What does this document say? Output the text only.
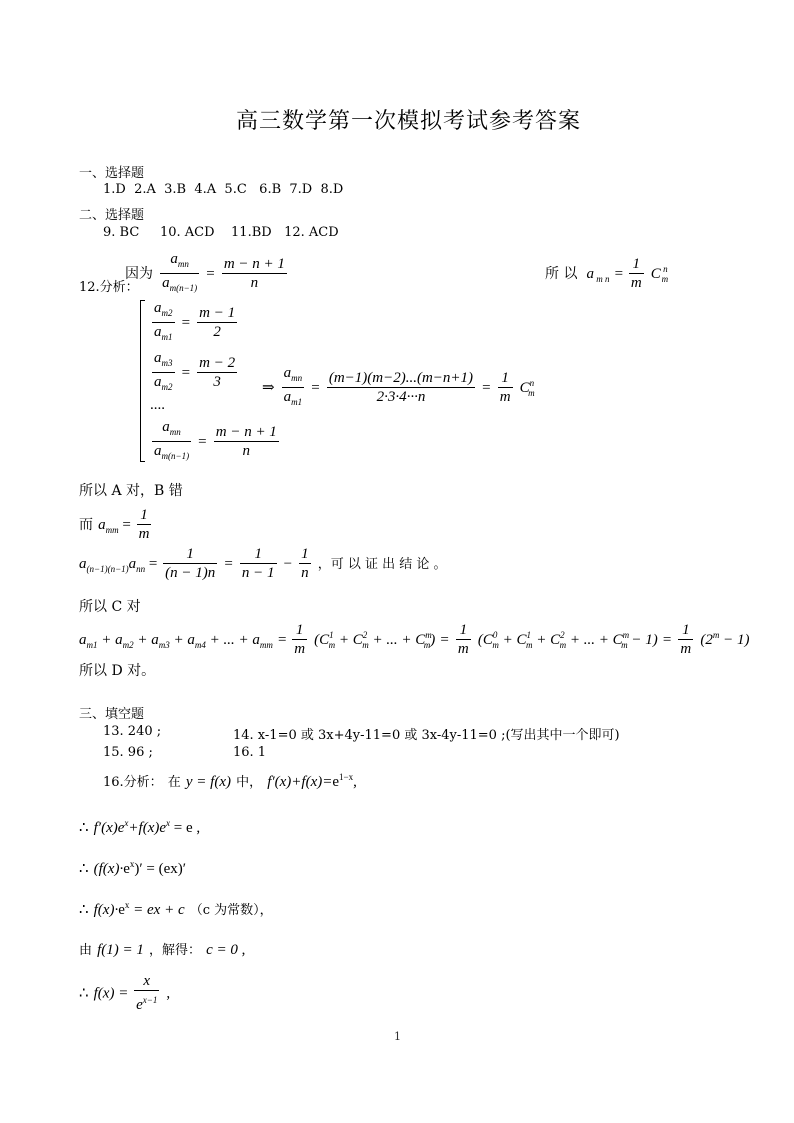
高三数学第一次模拟考试参考答案
一、选择题
1.D  2.A  3.B  4.A  5.C   6.B  7.D  8.D
二、选择题
9. BC     10. ACD    11.BD   12. ACD
12.分析：
因为 $\frac{a_{mn}}{a_{m(n-1)}} = \frac{m - n + 1}{n}$	所 以 a $_{m n} = \frac{1}{m}$ C $^n_m$
$\frac{a_{m2}}{a_{m1}} = \frac{m - 1}{2}$
$\frac{a_{m3}}{a_{m2}} = \frac{m - 2}{3}$
....
$\frac{a_{mn}}{a_{m(n-1)}} = \frac{m - n + 1}{n}$
⇒ $\frac{a_{mn}}{a_{m1}} = \frac{(m-1)(m-2)...(m-n+1)}{2\cdot 3\cdot 4\cdot\cdot\cdot n} = \frac{1}{m} C^n_m$
所以 A 对，B 错
而 $a_{mm} = \frac{1}{m}$
$a_{(n-1)(n-1)}a_{nn} = \frac{1}{(n - 1)n} = \frac{1}{n - 1} - \frac{1}{n}$ ，可 以 证 出 结 论 。
所以 C 对
$a_{m1} + a_{m2} + a_{m3} + a_{m4}$ + ... + $a_{mm} = \frac{1}{m} (C^1_m + C^2_m$ + ... + $C^m_m) = \frac{1}{m} (C^0_m + C^1_m + C^2_m$ + ... + $C^m_m - 1) = \frac{1}{m} (2^m - 1)$
所以 D 对。
三、填空题
13. 240 ;	14. x-1=0 或 3x+4y-11=0 或 3x-4y-11=0 ;(写出其中一个即可)
15. 96 ;	16. 1
16.分析： 在 y = f(x) 中， $f'(x)+f(x)=e^{1-x}$,
∴ $f'(x)e^x+f(x)e^x = e$ ,
∴ $(f(x)\cdot e^x)' = (ex)'$
∴ $f(x)\cdot e^x$ = ex + c （c 为常数），
由 f(1) = 1 ，解得： c = 0 ,
∴ $f(x) = \frac{x}{e^{x-1}}$ ,
1
